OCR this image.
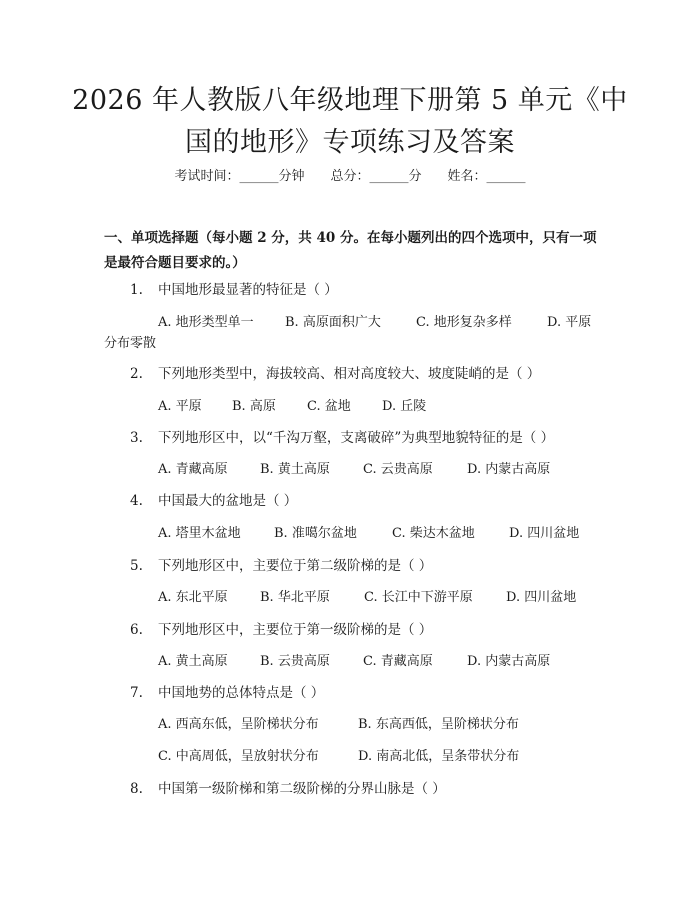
2026 年人教版八年级地理下册第 5 单元《中
国的地形》专项练习及答案
考试时间：______分钟 总分：______分 姓名：______
一、单项选择题（每小题 2 分，共 40 分。在每小题列出的四个选项中，只有一项
是最符合题目要求的。）
1. 中国地形最显著的特征是（ ）
A. 地形类型单一 B. 高原面积广大	C. 地形复杂多样	D. 平原
分布零散
2. 下列地形类型中，海拔较高、相对高度较大、坡度陡峭的是（ ）
A. 平原 B. 高原 C. 盆地 D. 丘陵
3. 下列地形区中，以“千沟万壑，支离破碎”为典型地貌特征的是（ ）
A. 青藏高原 B. 黄土高原	C. 云贵高原	D. 内蒙古高原
4. 中国最大的盆地是（ ）
A. 塔里木盆地	B. 准噶尔盆地	C. 柴达木盆地	D. 四川盆地
5. 下列地形区中，主要位于第二级阶梯的是（ ）
A. 东北平原 B. 华北平原	C. 长江中下游平原	D. 四川盆地
6. 下列地形区中，主要位于第一级阶梯的是（ ）
A. 黄土高原 B. 云贵高原	C. 青藏高原	D. 内蒙古高原
7. 中国地势的总体特点是（ ）
A. 西高东低，呈阶梯状分布	B. 东高西低，呈阶梯状分布
C. 中高周低，呈放射状分布	D. 南高北低，呈条带状分布
8. 中国第一级阶梯和第二级阶梯的分界山脉是（ ）
